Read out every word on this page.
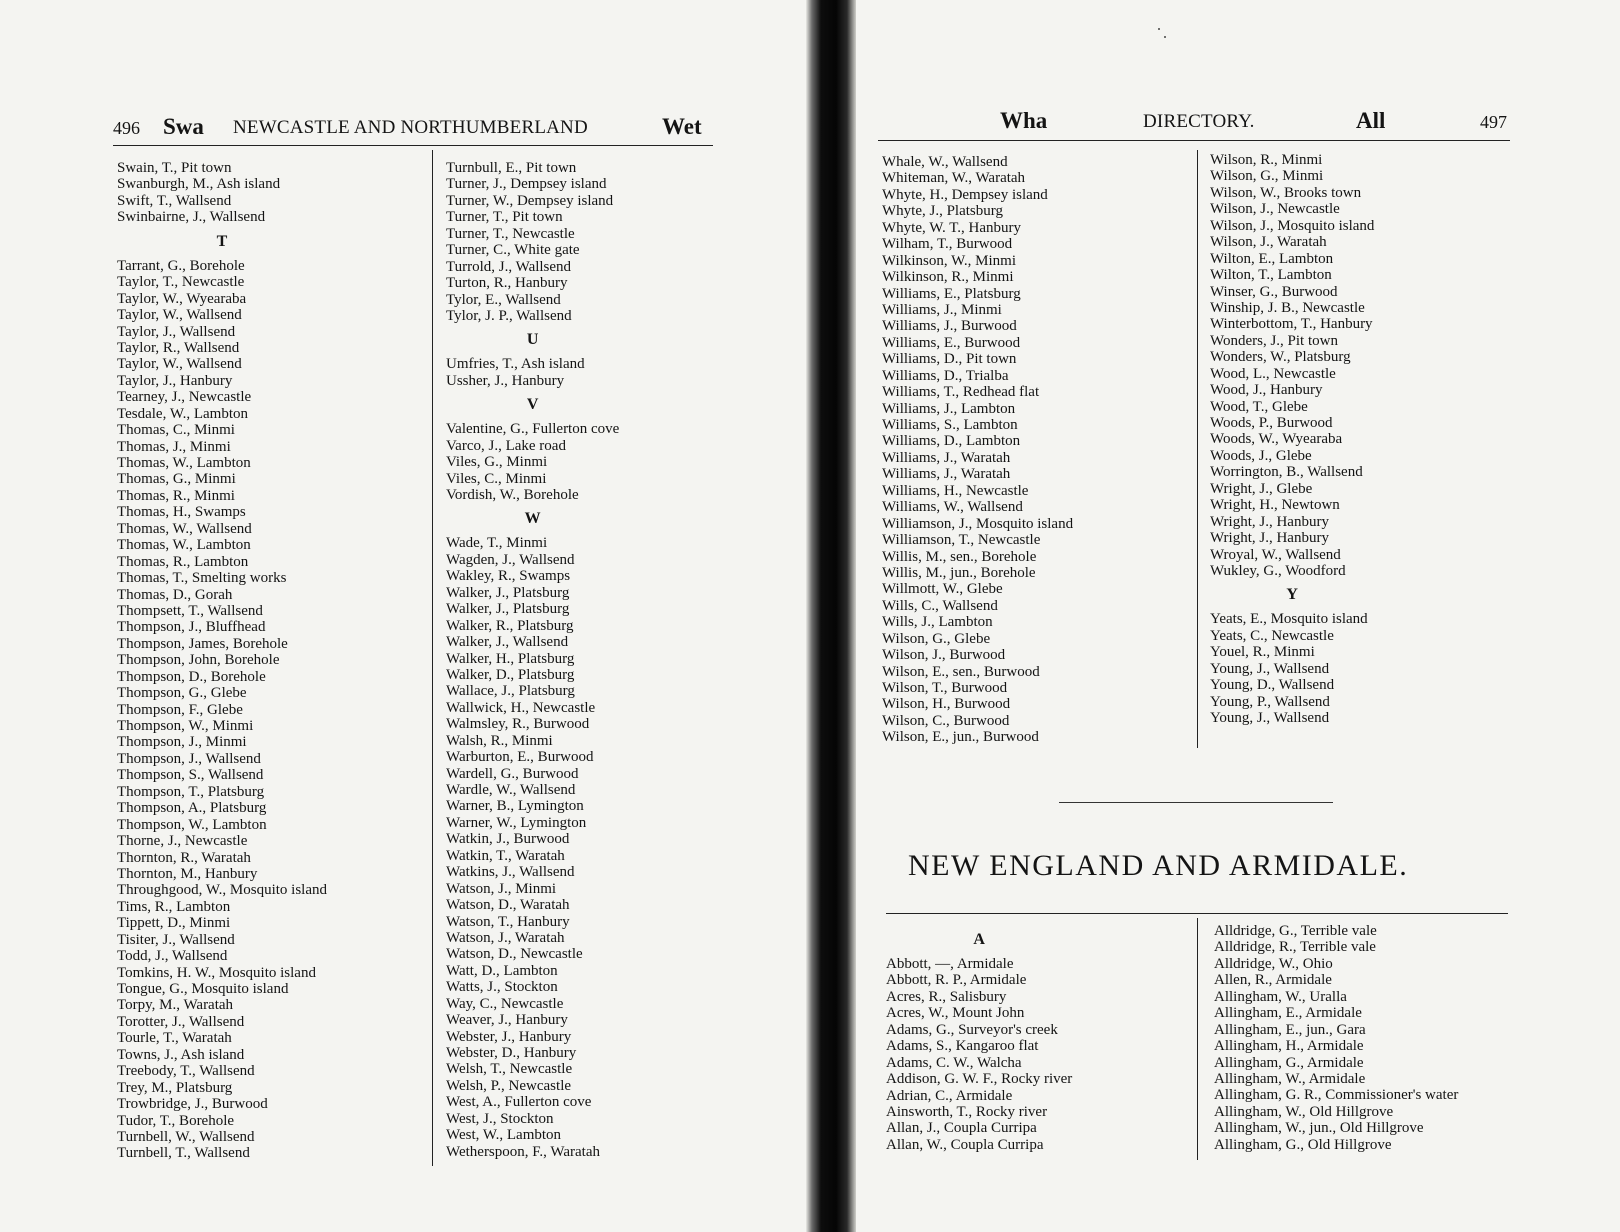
496 Swa NEWCASTLE AND NORTHUMBERLAND	Wet
Swain, T., Pit town
Swanburgh, M., Ash island
Swift, T., Wallsend
Swinbairne, J., Wallsend
T
Tarrant, G., Borehole
Taylor, T., Newcastle
Taylor, W., Wyearaba
Taylor, W., Wallsend
Taylor, J., Wallsend
Taylor, R., Wallsend
Taylor, W., Wallsend
Taylor, J., Hanbury
Tearney, J., Newcastle
Tesdale, W., Lambton
Thomas, C., Minmi
Thomas, J., Minmi
Thomas, W., Lambton
Thomas, G., Minmi
Thomas, R., Minmi
Thomas, H., Swamps
Thomas, W., Wallsend
Thomas, W., Lambton
Thomas, R., Lambton
Thomas, T., Smelting works
Thomas, D., Gorah
Thompsett, T., Wallsend
Thompson, J., Bluffhead
Thompson, James, Borehole
Thompson, John, Borehole
Thompson, D., Borehole
Thompson, G., Glebe
Thompson, F., Glebe
Thompson, W., Minmi
Thompson, J., Minmi
Thompson, J., Wallsend
Thompson, S., Wallsend
Thompson, T., Platsburg
Thompson, A., Platsburg
Thompson, W., Lambton
Thorne, J., Newcastle
Thornton, R., Waratah
Thornton, M., Hanbury
Throughgood, W., Mosquito island
Tims, R., Lambton
Tippett, D., Minmi
Tisiter, J., Wallsend
Todd, J., Wallsend
Tomkins, H. W., Mosquito island
Tongue, G., Mosquito island
Torpy, M., Waratah
Torotter, J., Wallsend
Tourle, T., Waratah
Towns, J., Ash island
Treebody, T., Wallsend
Trey, M., Platsburg
Trowbridge, J., Burwood
Tudor, T., Borehole
Turnbell, W., Wallsend
Turnbell, T., Wallsend
Turnbull, E., Pit town
Turner, J., Dempsey island
Turner, W., Dempsey island
Turner, T., Pit town
Turner, T., Newcastle
Turner, C., White gate
Turrold, J., Wallsend
Turton, R., Hanbury
Tylor, E., Wallsend
Tylor, J. P., Wallsend
U
Umfries, T., Ash island
Ussher, J., Hanbury
V
Valentine, G., Fullerton cove
Varco, J., Lake road
Viles, G., Minmi
Viles, C., Minmi
Vordish, W., Borehole
W
Wade, T., Minmi
Wagden, J., Wallsend
Wakley, R., Swamps
Walker, J., Platsburg
Walker, J., Platsburg
Walker, R., Platsburg
Walker, J., Wallsend
Walker, H., Platsburg
Walker, D., Platsburg
Wallace, J., Platsburg
Wallwick, H., Newcastle
Walmsley, R., Burwood
Walsh, R., Minmi
Warburton, E., Burwood
Wardell, G., Burwood
Wardle, W., Wallsend
Warner, B., Lymington
Warner, W., Lymington
Watkin, J., Burwood
Watkin, T., Waratah
Watkins, J., Wallsend
Watson, J., Minmi
Watson, D., Waratah
Watson, T., Hanbury
Watson, J., Waratah
Watson, D., Newcastle
Watt, D., Lambton
Watts, J., Stockton
Way, C., Newcastle
Weaver, J., Hanbury
Webster, J., Hanbury
Webster, D., Hanbury
Welsh, T., Newcastle
Welsh, P., Newcastle
West, A., Fullerton cove
West, J., Stockton
West, W., Lambton
Wetherspoon, F., Waratah
Wha	DIRECTORY.	All	497
Whale, W., Wallsend
Whiteman, W., Waratah
Whyte, H., Dempsey island
Whyte, J., Platsburg
Whyte, W. T., Hanbury
Wilham, T., Burwood
Wilkinson, W., Minmi
Wilkinson, R., Minmi
Williams, E., Platsburg
Williams, J., Minmi
Williams, J., Burwood
Williams, E., Burwood
Williams, D., Pit town
Williams, D., Trialba
Williams, T., Redhead flat
Williams, J., Lambton
Williams, S., Lambton
Williams, D., Lambton
Williams, J., Waratah
Williams, J., Waratah
Williams, H., Newcastle
Williams, W., Wallsend
Williamson, J., Mosquito island
Williamson, T., Newcastle
Willis, M., sen., Borehole
Willis, M., jun., Borehole
Willmott, W., Glebe
Wills, C., Wallsend
Wills, J., Lambton
Wilson, G., Glebe
Wilson, J., Burwood
Wilson, E., sen., Burwood
Wilson, T., Burwood
Wilson, H., Burwood
Wilson, C., Burwood
Wilson, E., jun., Burwood
Wilson, R., Minmi
Wilson, G., Minmi
Wilson, W., Brooks town
Wilson, J., Newcastle
Wilson, J., Mosquito island
Wilson, J., Waratah
Wilton, E., Lambton
Wilton, T., Lambton
Winser, G., Burwood
Winship, J. B., Newcastle
Winterbottom, T., Hanbury
Wonders, J., Pit town
Wonders, W., Platsburg
Wood, L., Newcastle
Wood, J., Hanbury
Wood, T., Glebe
Woods, P., Burwood
Woods, W., Wyearaba
Woods, J., Glebe
Worrington, B., Wallsend
Wright, J., Glebe
Wright, H., Newtown
Wright, J., Hanbury
Wright, J., Hanbury
Wroyal, W., Wallsend
Wukley, G., Woodford
Y
Yeats, E., Mosquito island
Yeats, C., Newcastle
Youel, R., Minmi
Young, J., Wallsend
Young, D., Wallsend
Young, P., Wallsend
Young, J., Wallsend
NEW ENGLAND AND ARMIDALE.
A
Abbott, —, Armidale
Abbott, R. P., Armidale
Acres, R., Salisbury
Acres, W., Mount John
Adams, G., Surveyor's creek
Adams, S., Kangaroo flat
Adams, C. W., Walcha
Addison, G. W. F., Rocky river
Adrian, C., Armidale
Ainsworth, T., Rocky river
Allan, J., Coupla Curripa
Allan, W., Coupla Curripa
Alldridge, G., Terrible vale
Alldridge, R., Terrible vale
Alldridge, W., Ohio
Allen, R., Armidale
Allingham, W., Uralla
Allingham, E., Armidale
Allingham, E., jun., Gara
Allingham, H., Armidale
Allingham, G., Armidale
Allingham, W., Armidale
Allingham, G. R., Commissioner's water
Allingham, W., Old Hillgrove
Allingham, W., jun., Old Hillgrove
Allingham, G., Old Hillgrove
